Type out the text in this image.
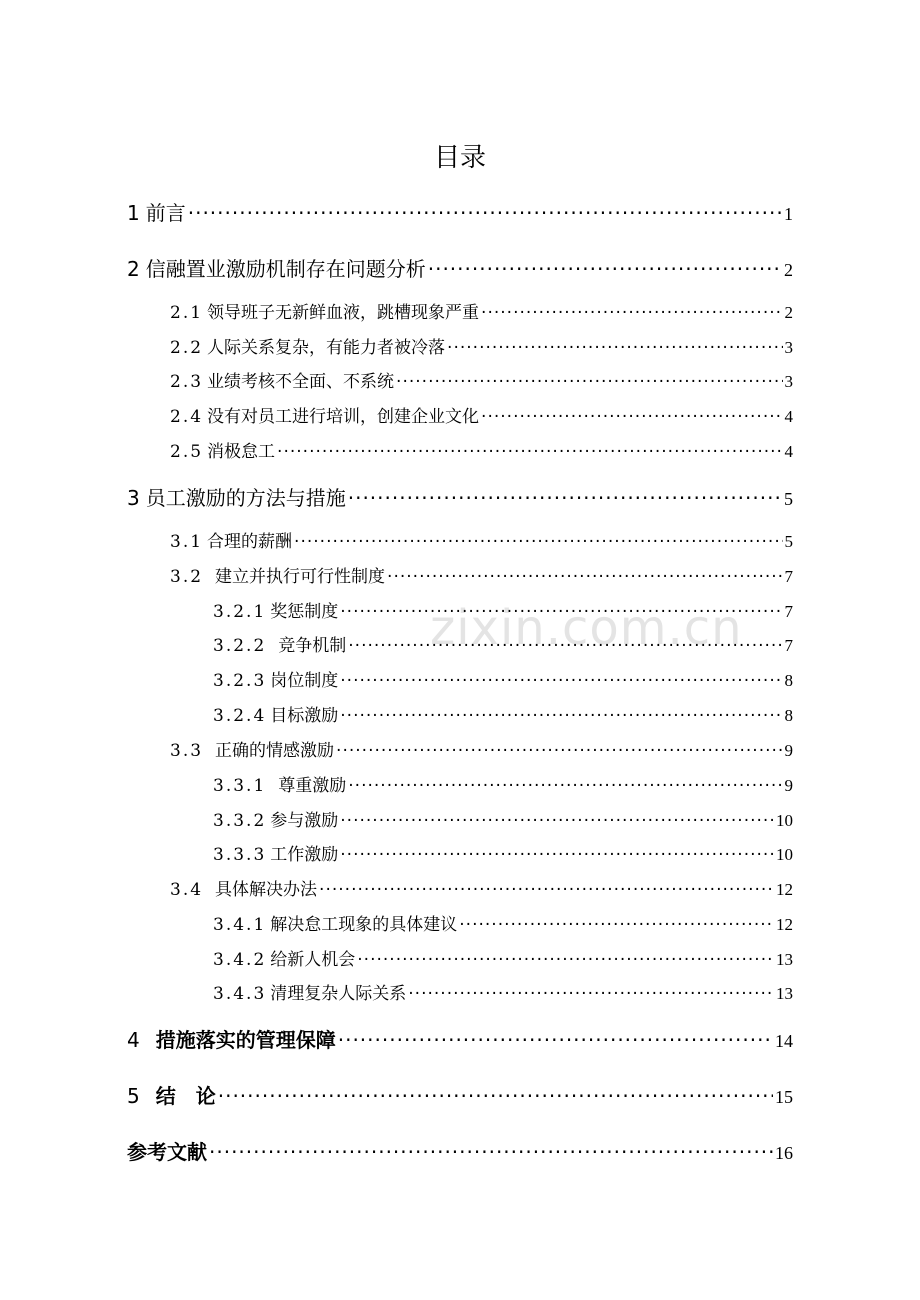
zixin.com.cn
目录
1 前言 ·····	1
2 信融置业激励机制存在问题分析 ·····	2
2.1 领导班子无新鲜血液，跳槽现象严重 ·····	2
2.2 人际关系复杂，有能力者被冷落 ·····	3
2.3 业绩考核不全面、不系统 ·····	3
2.4 没有对员工进行培训，创建企业文化 ·····	4
2.5 消极怠工 ·····	4
3 员工激励的方法与措施 ·····	5
3.1 合理的薪酬 ·····	5
3.2 建立并执行可行性制度 ·····	7
3.2.1 奖惩制度 ·····	7
3.2.2 竞争机制 ·····	7
3.2.3 岗位制度 ·····	8
3.2.4 目标激励 ·····	8
3.3 正确的情感激励 ·····	9
3.3.1 尊重激励 ·····	9
3.3.2 参与激励 ·····	10
3.3.3 工作激励 ·····	10
3.4 具体解决办法 ·····	12
3.4.1 解决怠工现象的具体建议 ·····	12
3.4.2 给新人机会 ·····	13
3.4.3 清理复杂人际关系 ·····	13
4 措施落实的管理保障 ·····	14
5 结　论 ·····	15
参考文献 ·····	16
